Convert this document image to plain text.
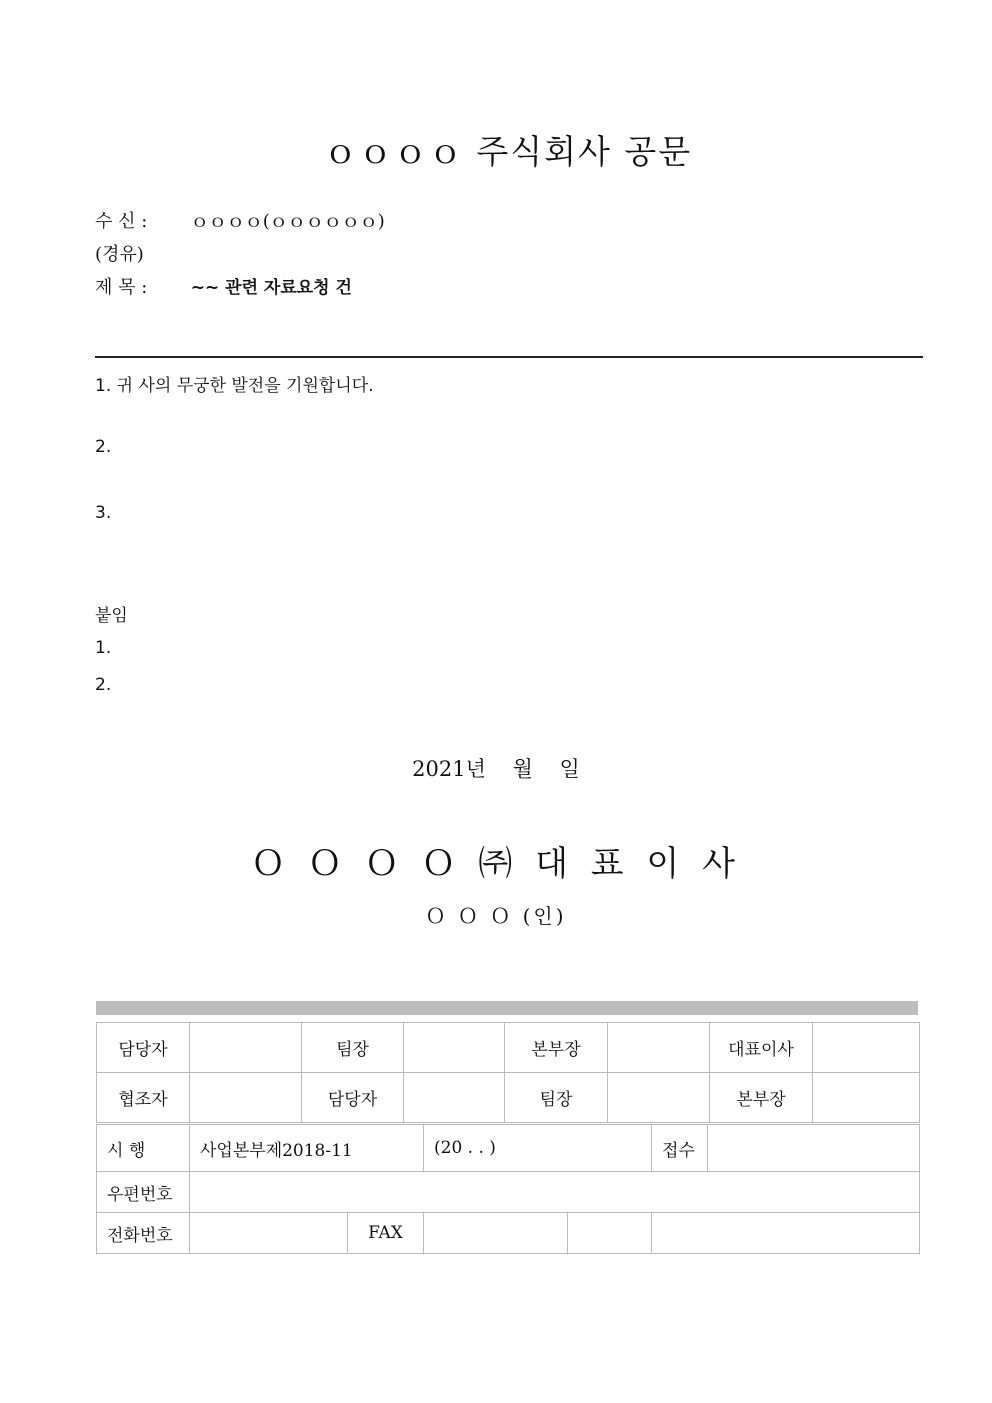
ｏｏｏｏ 주식회사 공문
수 신 : ｏｏｏｏ(ｏｏｏｏｏｏ)
(경유)
제 목 :	~~ 관련 자료요청 건
1. 귀 사의 무궁한 발전을 기원합니다.
2.
3.
붙임
1.
2.
2021년 월 일
Ｏ Ｏ Ｏ Ｏ ㈜ 대 표 이 사
Ｏ Ｏ Ｏ (인)
담당자		팀장		본부장		대표이사	
협조자		담당자		팀장		본부장	
시 행	사업본부제2018-11		(20 . . )		접수	
우편번호						
전화번호		FAX				
